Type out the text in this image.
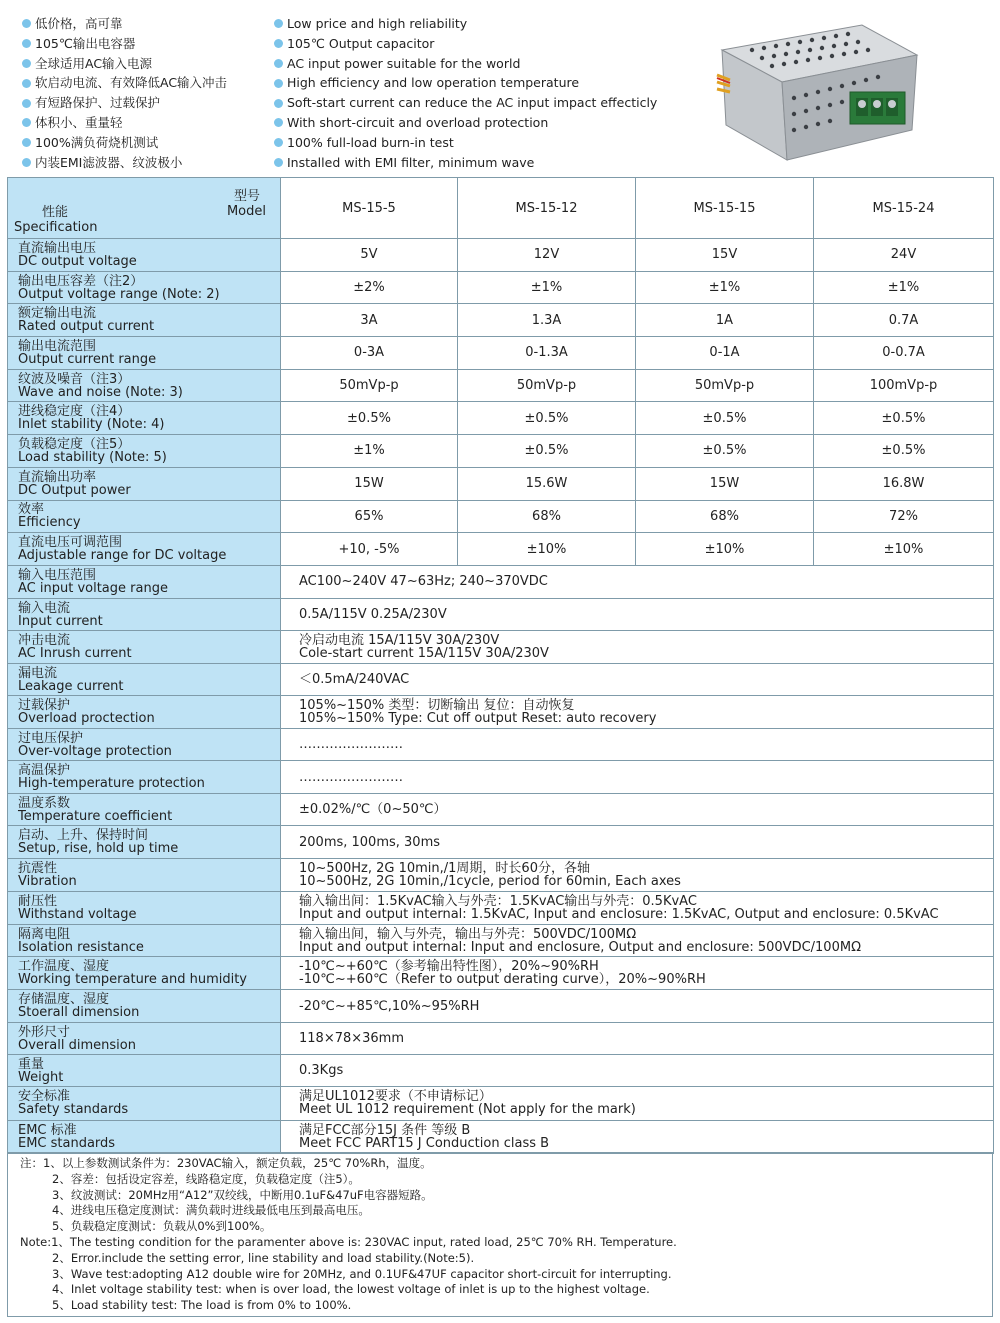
低价格，高可靠
105℃输出电容器
全球适用AC输入电源
软启动电流、有效降低AC输入冲击
有短路保护、过载保护
体积小、重量轻
100%满负荷烧机测试
内装EMI滤波器、纹波极小
Low price and high reliability
105℃ Output capacitor
AC input power suitable for the world
High efficiency and low operation temperature
Soft-start current can reduce the AC input impact effecticly
With short-circuit and overload protection
100% full-load burn-in test
Installed with EMI filter, minimum wave
型号
Model
性能
Specification	MS-15-5	MS-15-12	MS-15-15	MS-15-24

直流输出电压
DC output voltage	5V	12V	15V	24V

输出电压容差（注2）
Output voltage range (Note: 2)	±2%	±1%	±1%	±1%

额定输出电流
Rated output current	3A	1.3A	1A	0.7A

输出电流范围
Output current range	0-3A	0-1.3A	0-1A	0-0.7A

纹波及噪音（注3）
Wave and noise (Note: 3)	50mVp-p	50mVp-p	50mVp-p	100mVp-p

进线稳定度（注4）
Inlet stability (Note: 4)	±0.5%	±0.5%	±0.5%	±0.5%

负载稳定度（注5）
Load stability (Note: 5)	±1%	±0.5%	±0.5%	±0.5%

直流输出功率
DC Output power	15W	15.6W	15W	16.8W

效率
Efficiency	65%	68%	68%	72%

直流电压可调范围
Adjustable range for DC voltage	+10, -5%	±10%	±10%	±10%

输入电压范围
AC input voltage range	AC100~240V 47~63Hz; 240~370VDC			

输入电流
Input current	0.5A/115V 0.25A/230V			

冲击电流
AC Inrush current	冷启动电流 15A/115V 30A/230V
Cole-start current 15A/115V 30A/230V			

漏电流
Leakage current	＜0.5mA/240VAC			

过载保护
Overload proctection	105%~150% 类型：切断输出 复位：自动恢复
105%~150% Type: Cut off output Reset: auto recovery			

过电压保护
Over-voltage protection	……………………			

高温保护
High-temperature protection	……………………			

温度系数
Temperature coefficient	±0.02%/℃（0~50℃）			

启动、上升、保持时间
Setup, rise, hold up time	200ms, 100ms, 30ms			

抗震性
Vibration	10~500Hz, 2G 10min,/1周期，时长60分，各轴
10~500Hz, 2G 10min,/1cycle, period for 60min, Each axes			

耐压性
Withstand voltage	输入输出间：1.5KvAC输入与外壳：1.5KvAC输出与外壳：0.5KvAC
Input and output internal: 1.5KvAC, Input and enclosure: 1.5KvAC, Output and enclosure: 0.5KvAC			

隔离电阻
Isolation resistance	输入输出间，输入与外壳，输出与外壳：500VDC/100MΩ
Input and output internal: Input and enclosure, Output and enclosure: 500VDC/100MΩ			

工作温度、湿度
Working temperature and humidity	-10℃~+60℃（参考输出特性图），20%~90%RH
-10℃~+60℃（Refer to output derating curve），20%~90%RH			

存储温度、湿度
Stoerall dimension	-20℃~+85℃,10%~95%RH			

外形尺寸
Overall dimension	118×78×36mm			

重量
Weight	0.3Kgs			

安全标准
Safety standards	满足UL1012要求（不申请标记）
Meet UL 1012 requirement (Not apply for the mark)			

EMC 标准
EMC standards	满足FCC部分15J 条件 等级 B
Meet FCC PART15 J Conduction class B			
注：1、以上参数测试条件为：230VAC输入，额定负载，25℃ 70%Rh，温度。
2、容差：包括设定容差，线路稳定度，负载稳定度（注5）。
3、纹波测试：20MHz用“A12”双绞线，中断用0.1uF&47uF电容器短路。
4、进线电压稳定度测试：满负载时进线最低电压到最高电压。
5、负载稳定度测试：负载从0%到100%。
Note:1、The testing condition for the paramenter above is: 230VAC input, rated load, 25℃ 70% RH. Temperature.
2、Error.include the setting error, line stability and load stability.(Note:5).
3、Wave test:adopting A12 double wire for 20MHz, and 0.1UF&47UF capacitor short-circuit for interrupting.
4、Inlet voltage stability test: when is over load, the lowest voltage of inlet is up to the highest voltage.
5、Load stability test: The load is from 0% to 100%.
